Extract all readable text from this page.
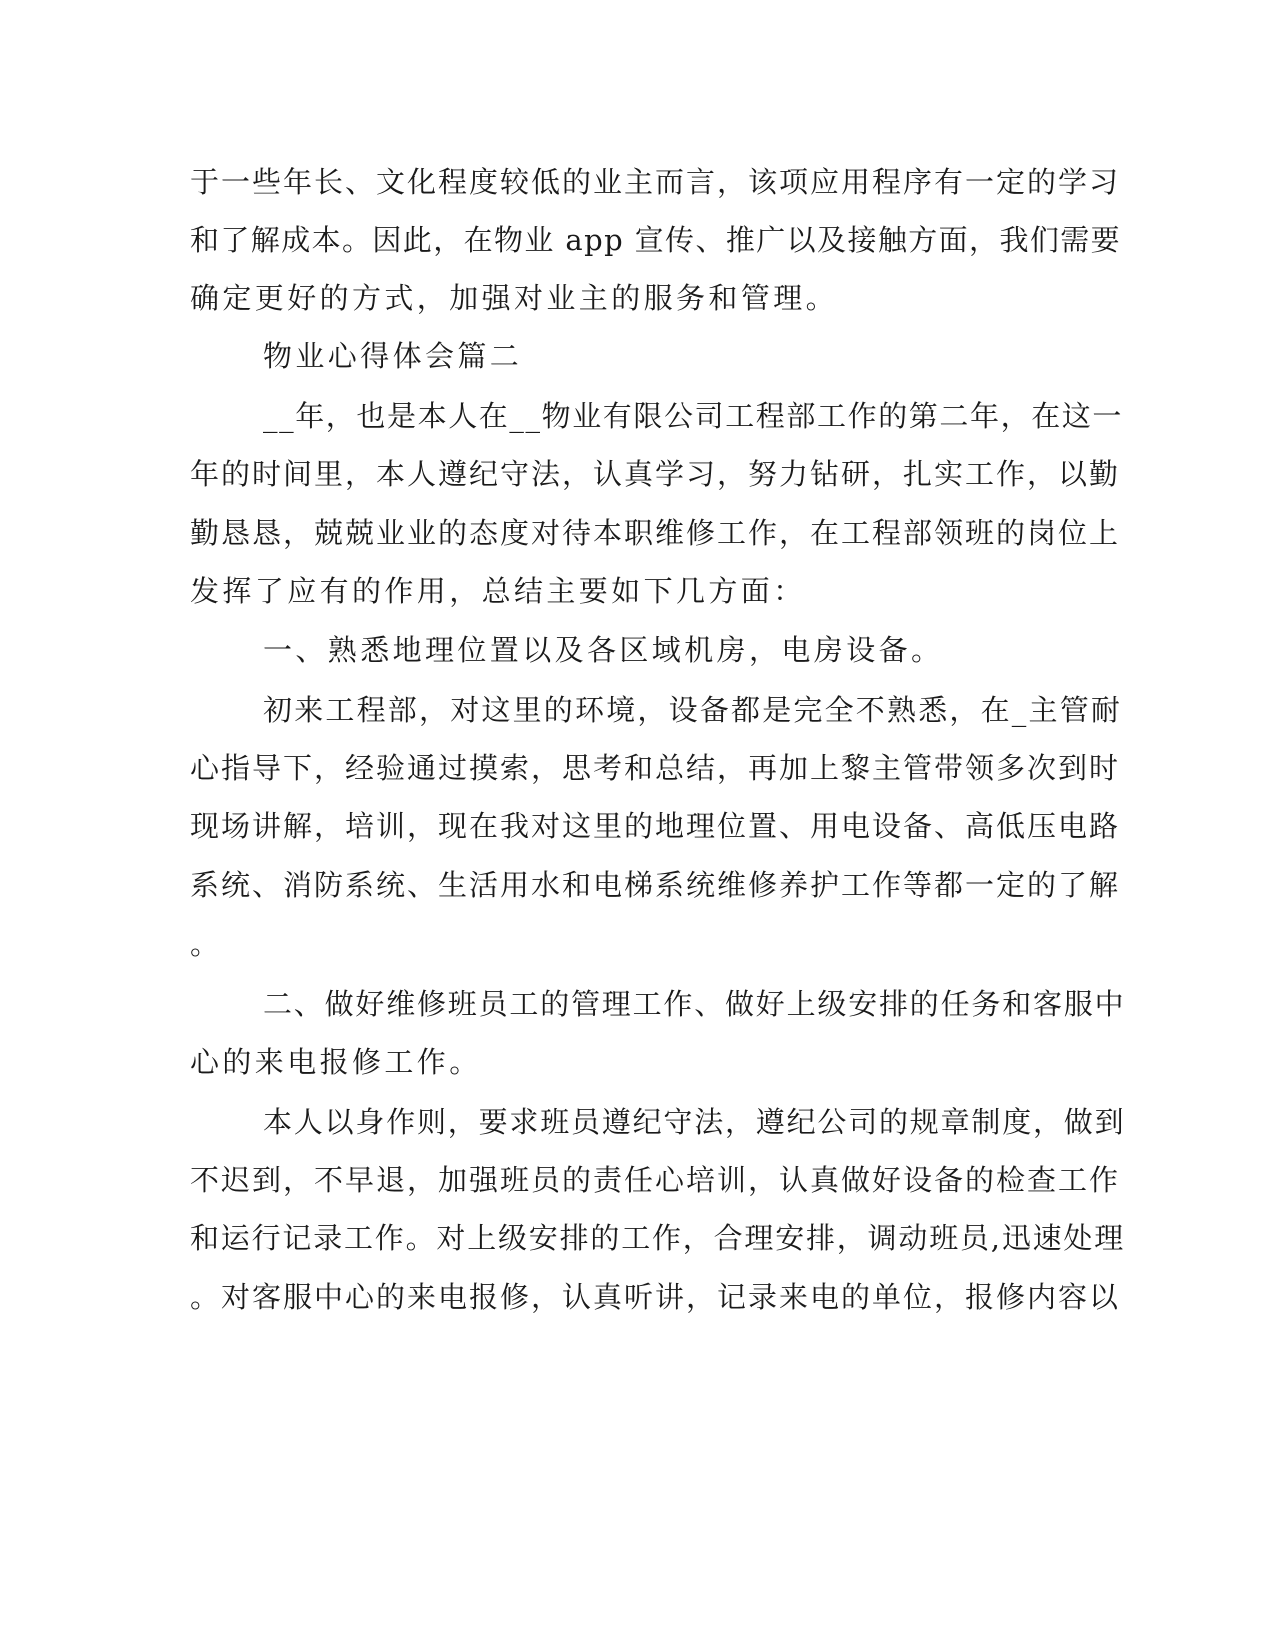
于一些年长、文化程度较低的业主而言，该项应用程序有一定的学习
和了解成本。因此，在物业 app 宣传、推广以及接触方面，我们需要
确定更好的方式，加强对业主的服务和管理。
物业心得体会篇二
__年，也是本人在__物业有限公司工程部工作的第二年，在这一
年的时间里，本人遵纪守法，认真学习，努力钻研，扎实工作，以勤
勤恳恳，兢兢业业的态度对待本职维修工作，在工程部领班的岗位上
发挥了应有的作用，总结主要如下几方面：
一、熟悉地理位置以及各区域机房，电房设备。
初来工程部，对这里的环境，设备都是完全不熟悉，在_主管耐
心指导下，经验通过摸索，思考和总结，再加上黎主管带领多次到时
现场讲解，培训，现在我对这里的地理位置、用电设备、高低压电路
系统、消防系统、生活用水和电梯系统维修养护工作等都一定的了解
。
二、做好维修班员工的管理工作、做好上级安排的任务和客服中
心的来电报修工作。
本人以身作则，要求班员遵纪守法，遵纪公司的规章制度，做到
不迟到，不早退，加强班员的责任心培训，认真做好设备的检查工作
和运行记录工作。对上级安排的工作，合理安排，调动班员,迅速处理
。对客服中心的来电报修，认真听讲，记录来电的单位，报修内容以
